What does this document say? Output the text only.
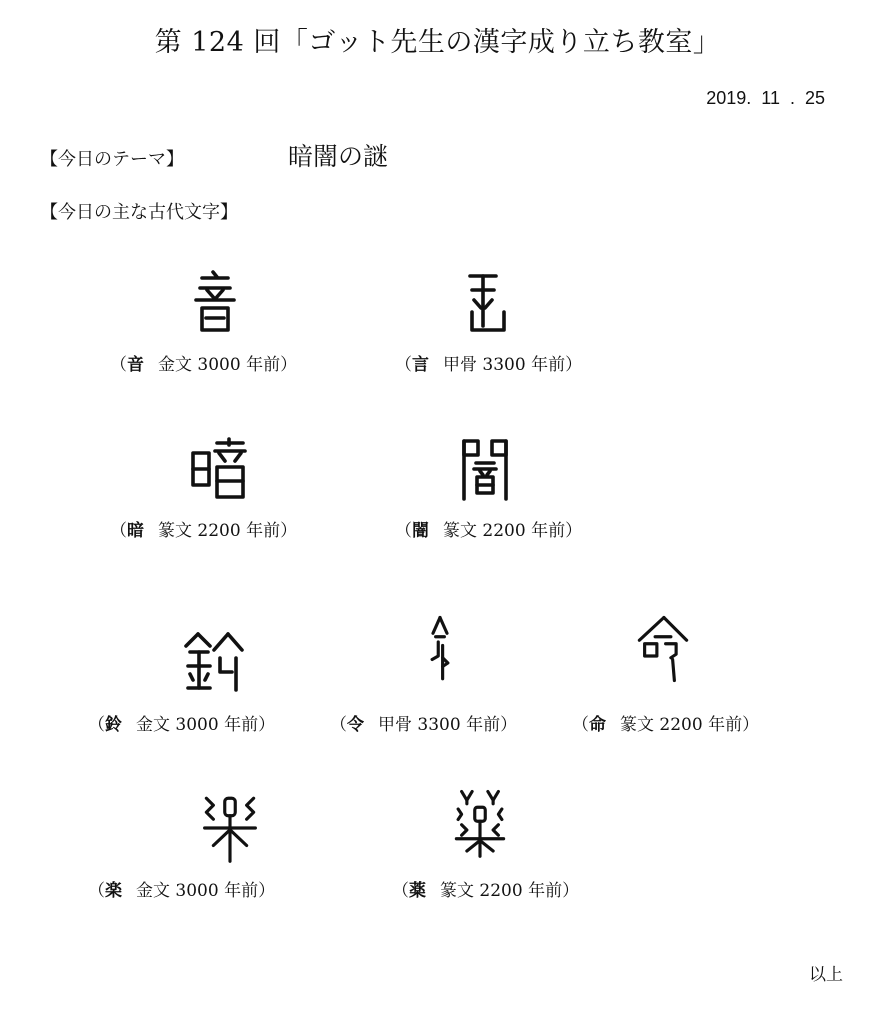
第 124 回「ゴット先生の漢字成り立ち教室」
2019.  11  .  25
【今日のテーマ】	暗闇の謎
【今日の主な古代文字】
（音 金文 3000 年前）	（言 甲骨 3300 年前）
（暗 篆文 2200 年前）	（闇 篆文 2200 年前）
（鈴 金文 3000 年前）	（令 甲骨 3300 年前）	（命 篆文 2200 年前）
（楽 金文 3000 年前）	（薬 篆文 2200 年前）
以上
